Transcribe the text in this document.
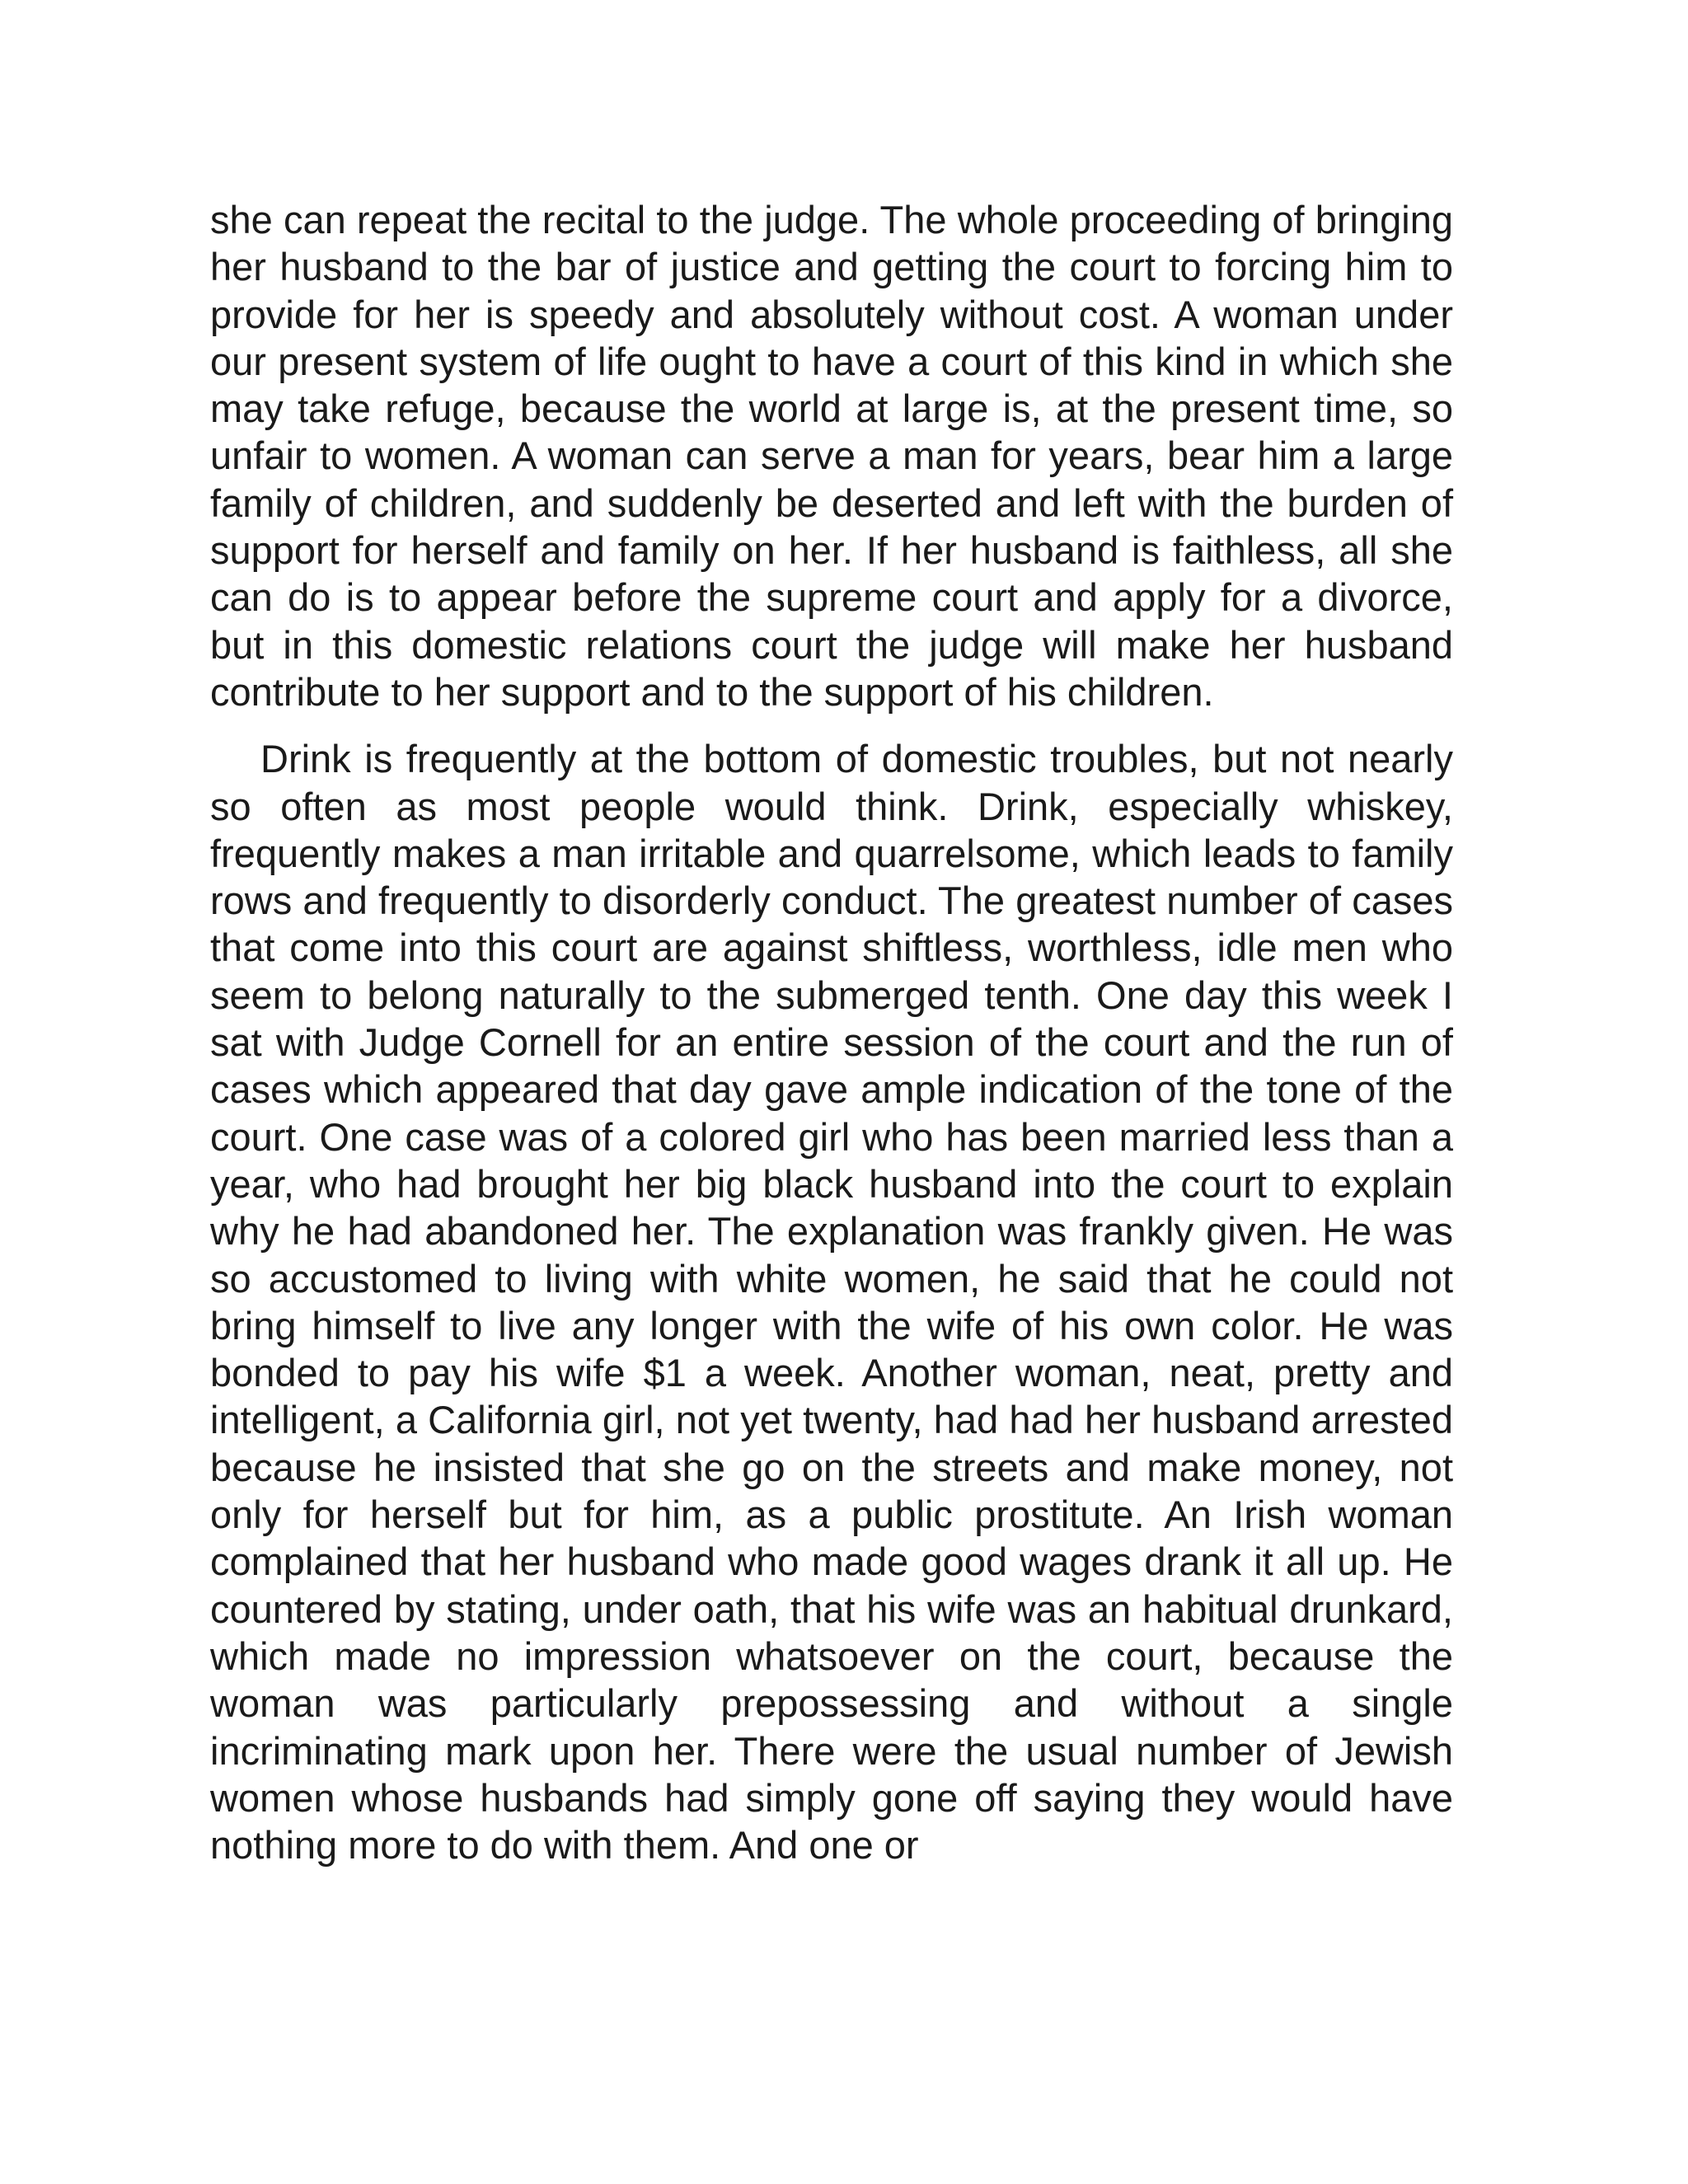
she can repeat the recital to the judge. The whole proceeding of bringing her husband to the bar of justice and getting the court to forcing him to provide for her is speedy and absolutely without cost. A woman under our present system of life ought to have a court of this kind in which she may take refuge, because the world at large is, at the present time, so unfair to women. A woman can serve a man for years, bear him a large family of children, and suddenly be deserted and left with the burden of support for herself and family on her. If her husband is faithless, all she can do is to appear before the supreme court and apply for a divorce, but in this domestic relations court the judge will make her husband contribute to her support and to the support of his children.

Drink is frequently at the bottom of domestic troubles, but not nearly so often as most people would think. Drink, especially whiskey, frequently makes a man irritable and quarrelsome, which leads to family rows and frequently to disorderly conduct. The greatest number of cases that come into this court are against shiftless, worthless, idle men who seem to belong naturally to the submerged tenth. One day this week I sat with Judge Cornell for an entire session of the court and the run of cases which appeared that day gave ample indication of the tone of the court. One case was of a colored girl who has been married less than a year, who had brought her big black husband into the court to explain why he had abandoned her. The explanation was frankly given. He was so accustomed to living with white women, he said that he could not bring himself to live any longer with the wife of his own color. He was bonded to pay his wife $1 a week. Another woman, neat, pretty and intelligent, a California girl, not yet twenty, had had her husband arrested because he insisted that she go on the streets and make money, not only for herself but for him, as a public prostitute. An Irish woman complained that her husband who made good wages drank it all up. He countered by stating, under oath, that his wife was an habitual drunkard, which made no impression whatsoever on the court, because the woman was particularly prepossessing and without a single incriminating mark upon her. There were the usual number of Jewish women whose husbands had simply gone off saying they would have nothing more to do with them. And one or
